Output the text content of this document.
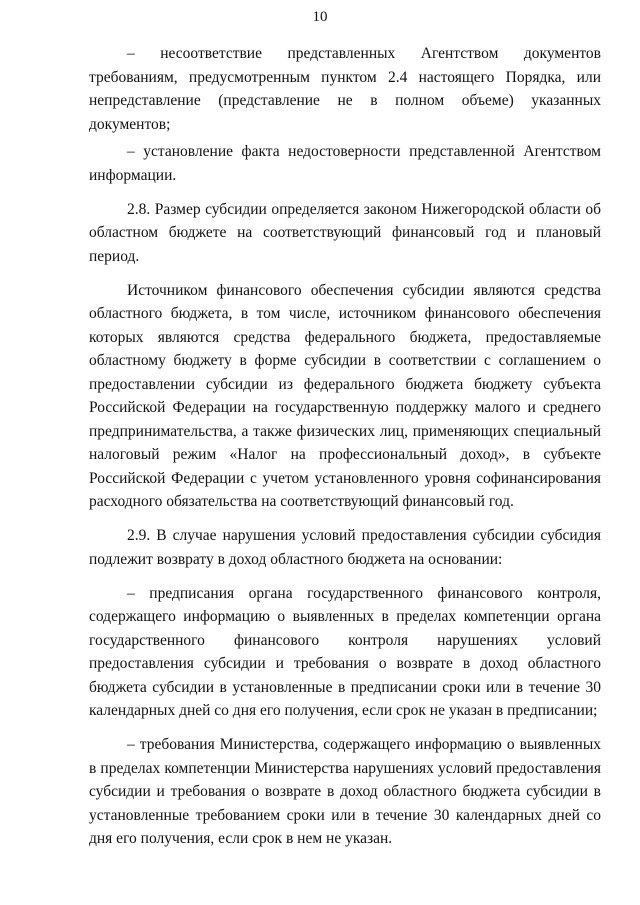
10

– несоответствие представленных Агентством документов требованиям, предусмотренным пунктом 2.4 настоящего Порядка, или непредставление (представление не в полном объеме) указанных документов;

– установление факта недостоверности представленной Агентством информации.

2.8. Размер субсидии определяется законом Нижегородской области об областном бюджете на соответствующий финансовый год и плановый период.

Источником финансового обеспечения субсидии являются средства областного бюджета, в том числе, источником финансового обеспечения которых являются средства федерального бюджета, предоставляемые областному бюджету в форме субсидии в соответствии с соглашением о предоставлении субсидии из федерального бюджета бюджету субъекта Российской Федерации на государственную поддержку малого и среднего предпринимательства, а также физических лиц, применяющих специальный налоговый режим «Налог на профессиональный доход», в субъекте Российской Федерации с учетом установленного уровня софинансирования расходного обязательства на соответствующий финансовый год.

2.9. В случае нарушения условий предоставления субсидии субсидия подлежит возврату в доход областного бюджета на основании:

– предписания органа государственного финансового контроля, содержащего информацию о выявленных в пределах компетенции органа государственного финансового контроля нарушениях условий предоставления субсидии и требования о возврате в доход областного бюджета субсидии в установленные в предписании сроки или в течение 30 календарных дней со дня его получения, если срок не указан в предписании;

– требования Министерства, содержащего информацию о выявленных в пределах компетенции Министерства нарушениях условий предоставления субсидии и требования о возврате в доход областного бюджета субсидии в установленные требованием сроки или в течение 30 календарных дней со дня его получения, если срок в нем не указан.
